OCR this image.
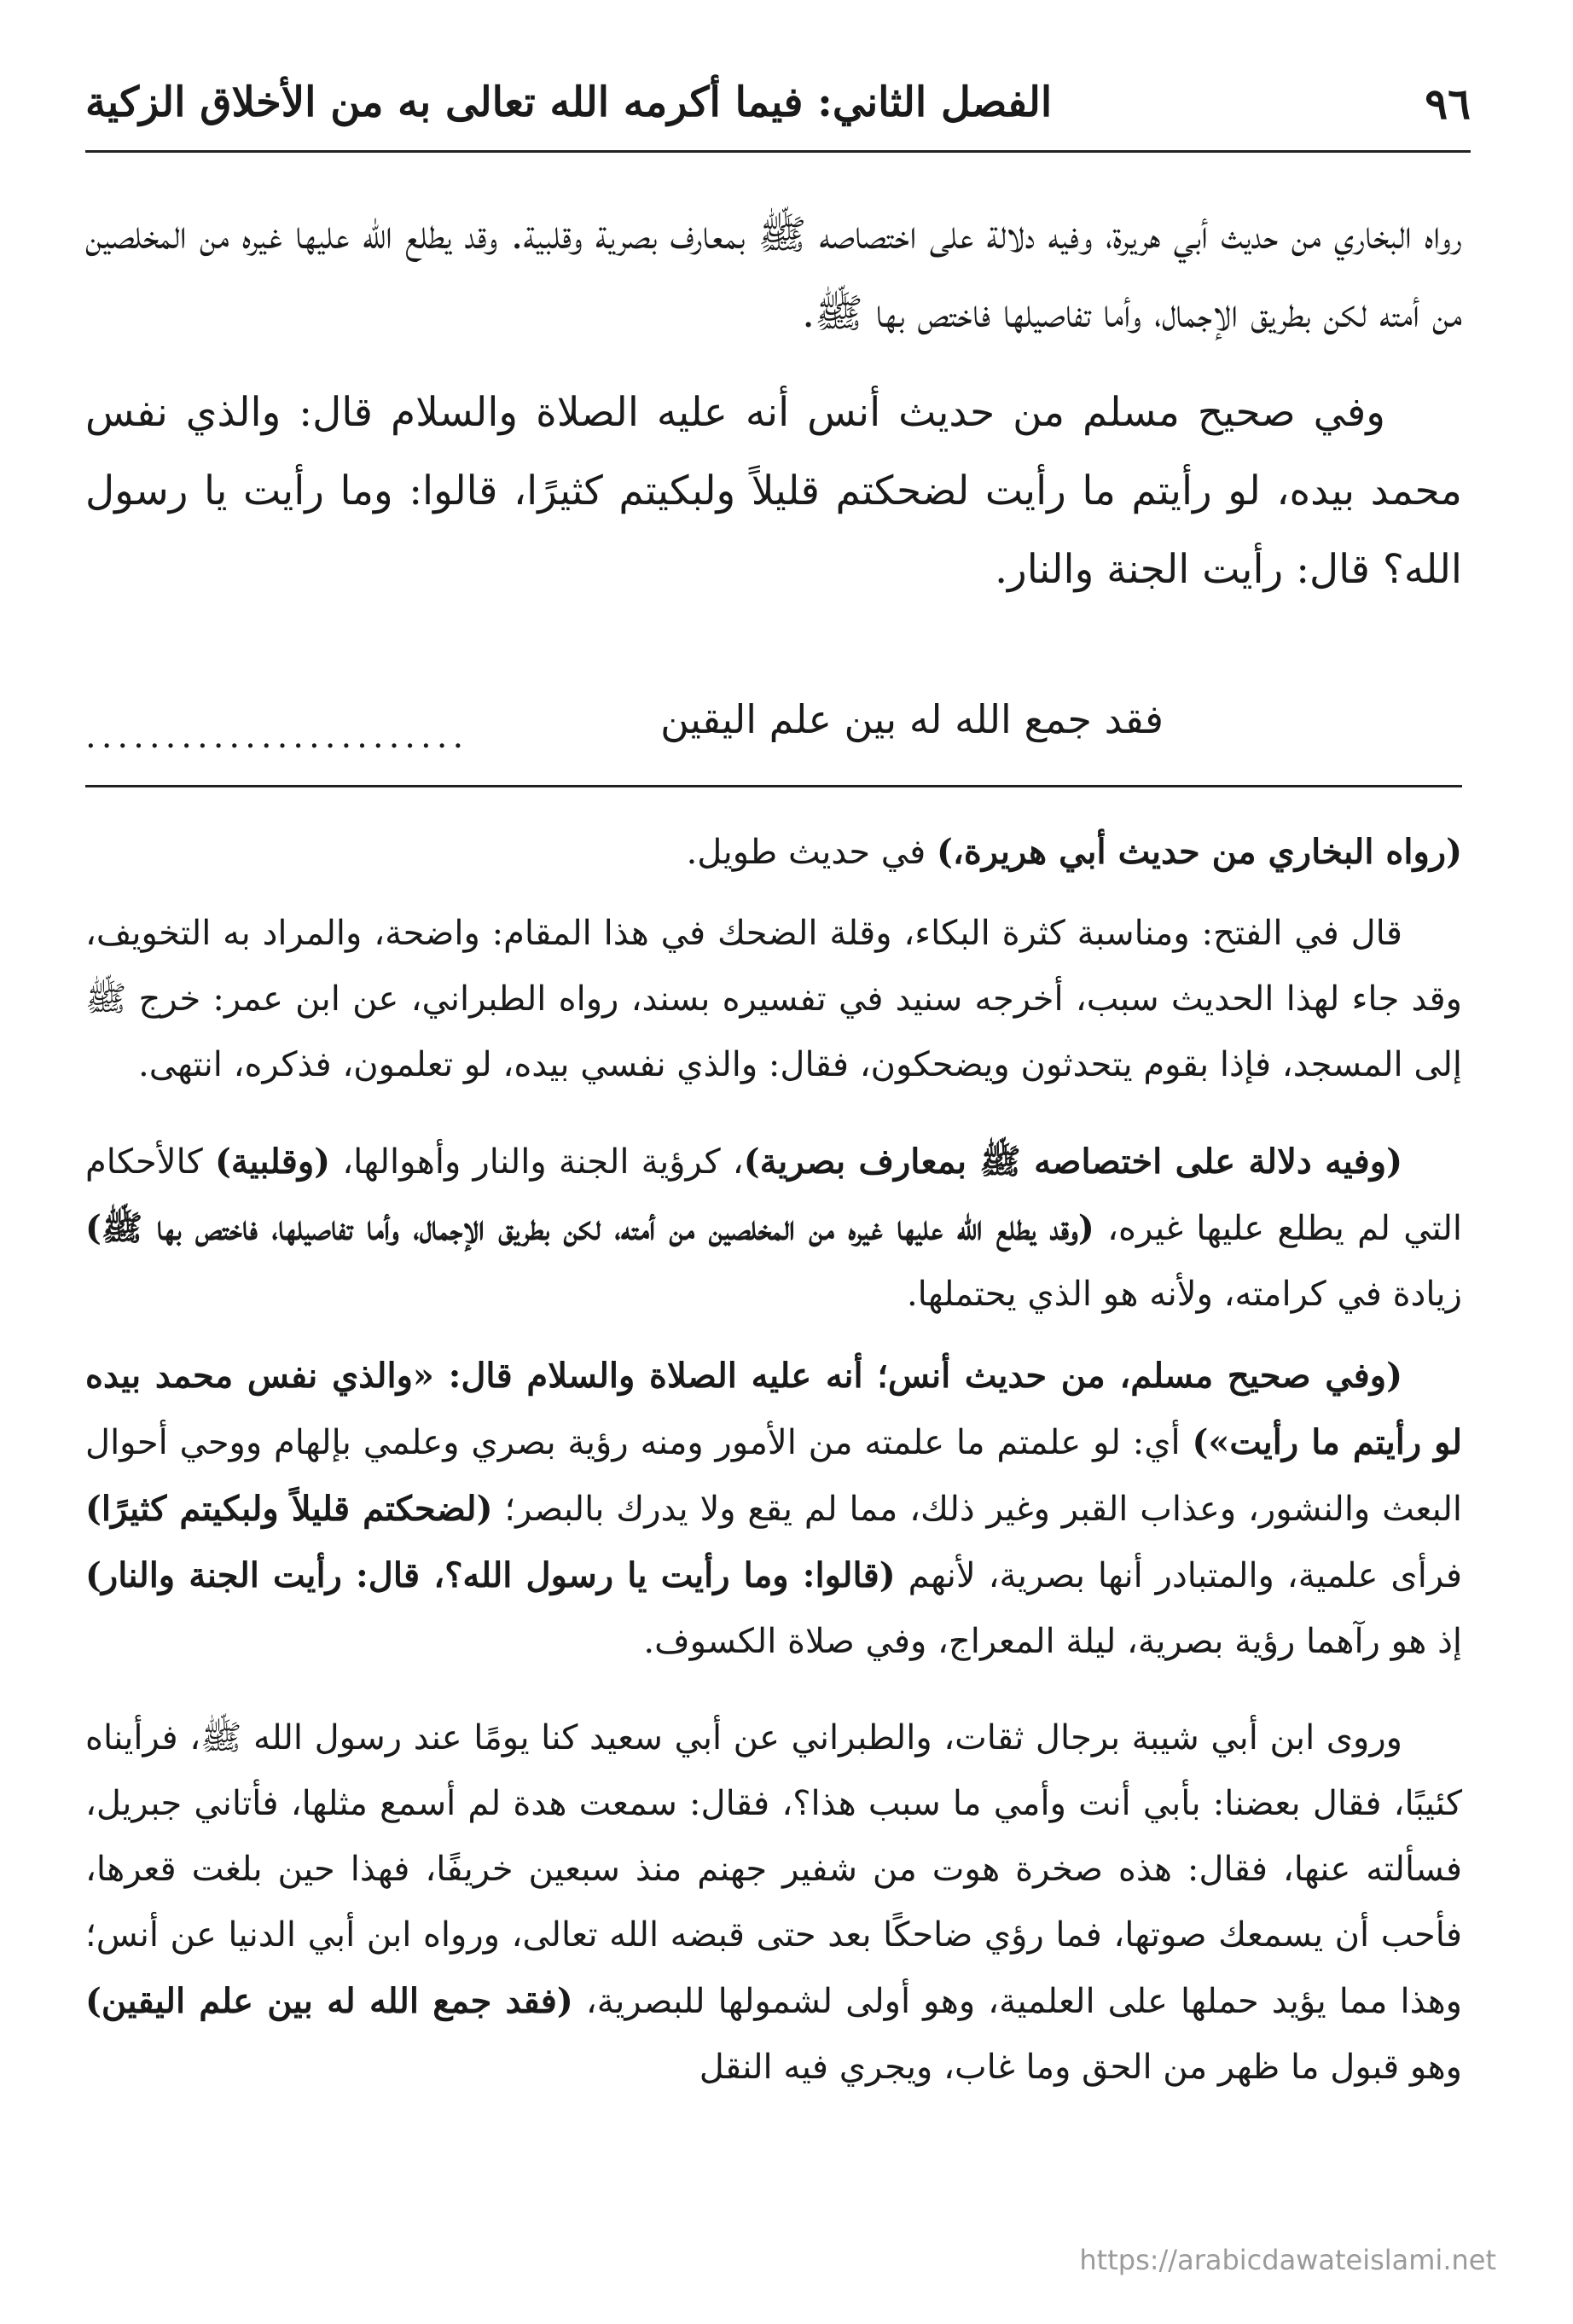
٩٦
الفصل الثاني: فيما أكرمه الله تعالى به من الأخلاق الزكية

رواه البخاري من حديث أبي هريرة، وفيه دلالة على اختصاصه ﷺ بمعارف بصرية وقلبية. وقد يطلع الله عليها غيره من المخلصين من أمته لكن بطريق الإجمال، وأما تفاصيلها فاختص بها ﷺ.

وفي صحيح مسلم من حديث أنس أنه عليه الصلاة والسلام قال: والذي نفس محمد بيده، لو رأيتم ما رأيت لضحكتم قليلاً ولبكيتم كثيرًا، قالوا: وما رأيت يا رسول الله؟ قال: رأيت الجنة والنار.

فقد جمع الله له بين علم اليقين
........................

(رواه البخاري من حديث أبي هريرة،) في حديث طويل.

قال في الفتح: ومناسبة كثرة البكاء، وقلة الضحك في هذا المقام: واضحة، والمراد به التخويف، وقد جاء لهذا الحديث سبب، أخرجه سنيد في تفسيره بسند، رواه الطبراني، عن ابن عمر: خرج ﷺ إلى المسجد، فإذا بقوم يتحدثون ويضحكون، فقال: والذي نفسي بيده، لو تعلمون، فذكره، انتهى.

(وفيه دلالة على اختصاصه ﷺ بمعارف بصرية)، كرؤية الجنة والنار وأهوالها، (وقلبية) كالأحكام التي لم يطلع عليها غيره، (وقد يطلع الله عليها غيره من المخلصين من أمته، لكن بطريق الإجمال، وأما تفاصيلها، فاختص بها ﷺ) زيادة في كرامته، ولأنه هو الذي يحتملها.

(وفي صحيح مسلم، من حديث أنس؛ أنه عليه الصلاة والسلام قال: «والذي نفس محمد بيده لو رأيتم ما رأيت») أي: لو علمتم ما علمته من الأمور ومنه رؤية بصري وعلمي بإلهام ووحي أحوال البعث والنشور، وعذاب القبر وغير ذلك، مما لم يقع ولا يدرك بالبصر؛ (لضحكتم قليلاً ولبكيتم كثيرًا) فرأى علمية، والمتبادر أنها بصرية، لأنهم (قالوا: وما رأيت يا رسول الله؟، قال: رأيت الجنة والنار) إذ هو رآهما رؤية بصرية، ليلة المعراج، وفي صلاة الكسوف.

وروى ابن أبي شيبة برجال ثقات، والطبراني عن أبي سعيد كنا يومًا عند رسول الله ﷺ، فرأيناه كئيبًا، فقال بعضنا: بأبي أنت وأمي ما سبب هذا؟، فقال: سمعت هدة لم أسمع مثلها، فأتاني جبريل، فسألته عنها، فقال: هذه صخرة هوت من شفير جهنم منذ سبعين خريفًا، فهذا حين بلغت قعرها، فأحب أن يسمعك صوتها، فما رؤي ضاحكًا بعد حتى قبضه الله تعالى، ورواه ابن أبي الدنيا عن أنس؛ وهذا مما يؤيد حملها على العلمية، وهو أولى لشمولها للبصرية، (فقد جمع الله له بين علم اليقين) وهو قبول ما ظهر من الحق وما غاب، ويجري فيه النقل

https://arabicdawateislami.net
